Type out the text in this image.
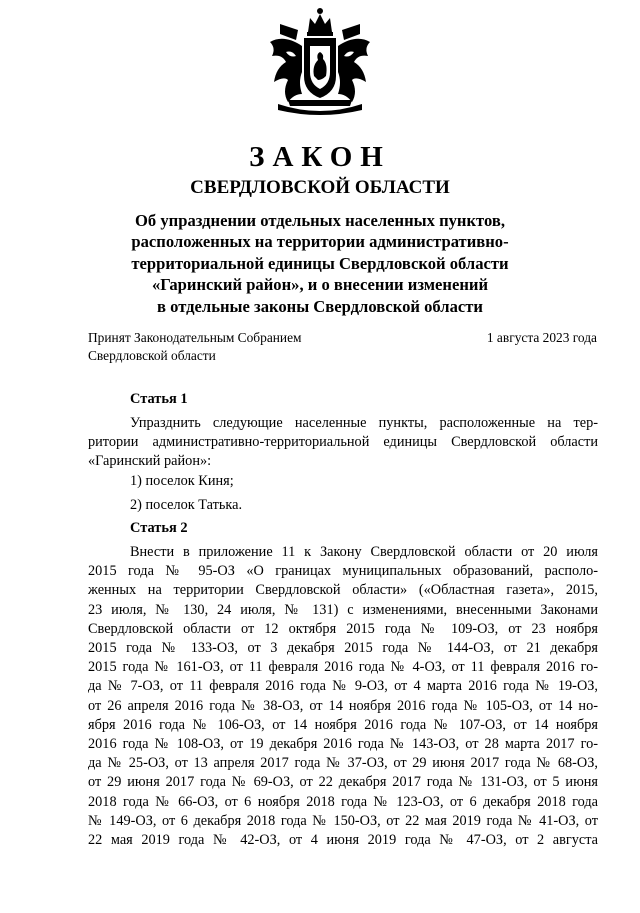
ЗАКОН
СВЕРДЛОВСКОЙ ОБЛАСТИ
Об упразднении отдельных населенных пунктов,
расположенных на территории административно-
территориальной единицы Свердловской области
«Гаринский район», и о внесении изменений
в отдельные законы Свердловской области
Принят Законодательным Собранием
Свердловской области
1 августа 2023 года
Статья 1
Упразднить следующие населенные пункты, расположенные на тер-
ритории административно-территориальной единицы Свердловской области
«Гаринский район»:
1) поселок Киня;
2) поселок Татька.
Статья 2
Внести в приложение 11 к Закону Свердловской области от 20 июля
2015 года № 95-ОЗ «О границах муниципальных образований, располо-
женных на территории Свердловской области» («Областная газета», 2015,
23 июля, № 130, 24 июля, № 131) с изменениями, внесенными Законами
Свердловской области от 12 октября 2015 года № 109-ОЗ, от 23 ноября
2015 года № 133-ОЗ, от 3 декабря 2015 года № 144-ОЗ, от 21 декабря
2015 года № 161-ОЗ, от 11 февраля 2016 года № 4-ОЗ, от 11 февраля 2016 го-
да № 7-ОЗ, от 11 февраля 2016 года № 9-ОЗ, от 4 марта 2016 года № 19-ОЗ,
от 26 апреля 2016 года № 38-ОЗ, от 14 ноября 2016 года № 105-ОЗ, от 14 но-
ября 2016 года № 106-ОЗ, от 14 ноября 2016 года № 107-ОЗ, от 14 ноября
2016 года № 108-ОЗ, от 19 декабря 2016 года № 143-ОЗ, от 28 марта 2017 го-
да № 25-ОЗ, от 13 апреля 2017 года № 37-ОЗ, от 29 июня 2017 года № 68-ОЗ,
от 29 июня 2017 года № 69-ОЗ, от 22 декабря 2017 года № 131-ОЗ, от 5 июня
2018 года № 66-ОЗ, от 6 ноября 2018 года № 123-ОЗ, от 6 декабря 2018 года
№ 149-ОЗ, от 6 декабря 2018 года № 150-ОЗ, от 22 мая 2019 года № 41-ОЗ, от
22 мая 2019 года № 42-ОЗ, от 4 июня 2019 года № 47-ОЗ, от 2 августа
